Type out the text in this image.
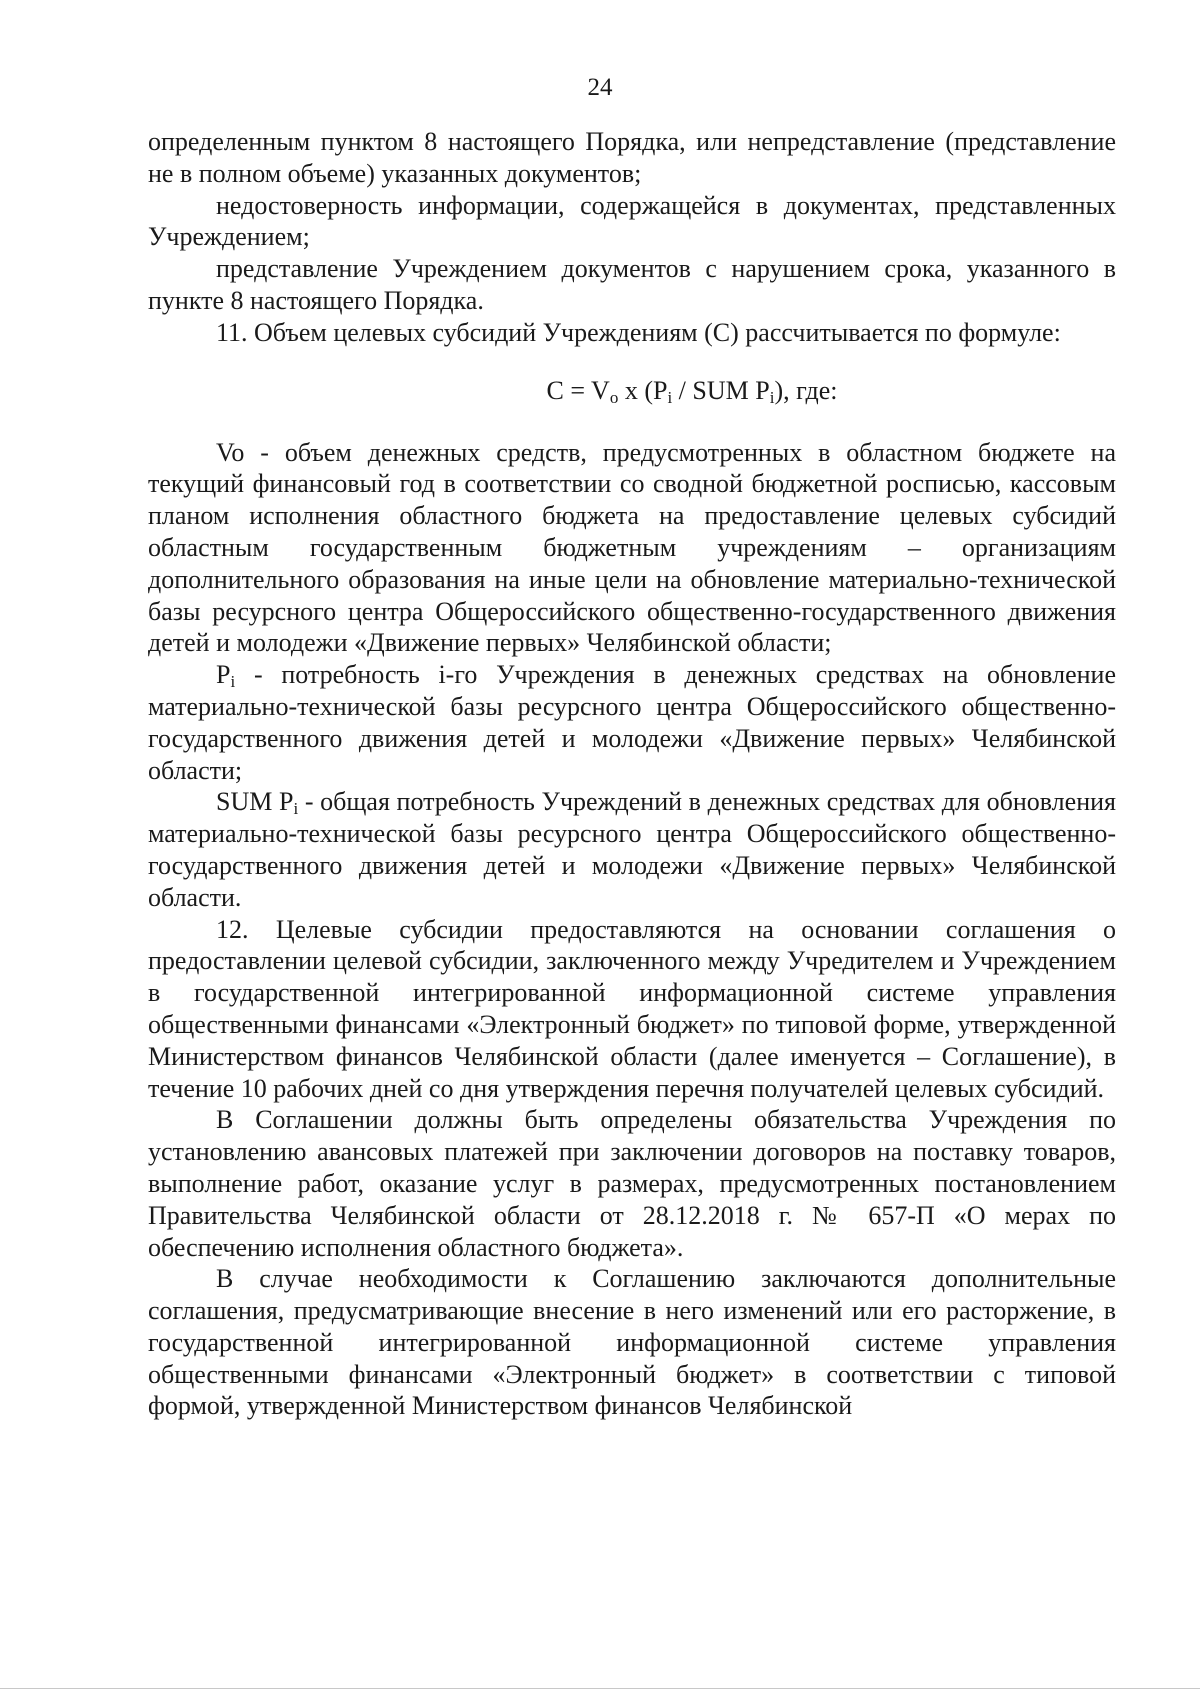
24

определенным пунктом 8 настоящего Порядка, или непредставление (представление не в полном объеме) указанных документов;

недостоверность информации, содержащейся в документах, представленных Учреждением;

представление Учреждением документов с нарушением срока, указанного в пункте 8 настоящего Порядка.

11. Объем целевых субсидий Учреждениям (C) рассчитывается по формуле:

$C = V_o$ x ($P_i$ / SUM $P_i$), где:

Vo - объем денежных средств, предусмотренных в областном бюджете на текущий финансовый год в соответствии со сводной бюджетной росписью, кассовым планом исполнения областного бюджета на предоставление целевых субсидий областным государственным бюджетным учреждениям – организациям дополнительного образования на иные цели на обновление материально-технической базы ресурсного центра Общероссийского общественно-государственного движения детей и молодежи «Движение первых» Челябинской области;

$P_i$ - потребность i-го Учреждения в денежных средствах на обновление материально-технической базы ресурсного центра Общероссийского общественно-государственного движения детей и молодежи «Движение первых» Челябинской области;

SUM $P_i$ - общая потребность Учреждений в денежных средствах для обновления материально-технической базы ресурсного центра Общероссийского общественно-государственного движения детей и молодежи «Движение первых» Челябинской области.

12. Целевые субсидии предоставляются на основании соглашения о предоставлении целевой субсидии, заключенного между Учредителем и Учреждением в государственной интегрированной информационной системе управления общественными финансами «Электронный бюджет» по типовой форме, утвержденной Министерством финансов Челябинской области (далее именуется – Соглашение), в течение 10 рабочих дней со дня утверждения перечня получателей целевых субсидий.

В Соглашении должны быть определены обязательства Учреждения по установлению авансовых платежей при заключении договоров на поставку товаров, выполнение работ, оказание услуг в размерах, предусмотренных постановлением Правительства Челябинской области от 28.12.2018 г. № 657-П «О мерах по обеспечению исполнения областного бюджета».

В случае необходимости к Соглашению заключаются дополнительные соглашения, предусматривающие внесение в него изменений или его расторжение, в государственной интегрированной информационной системе управления общественными финансами «Электронный бюджет» в соответствии с типовой формой, утвержденной Министерством финансов Челябинской
